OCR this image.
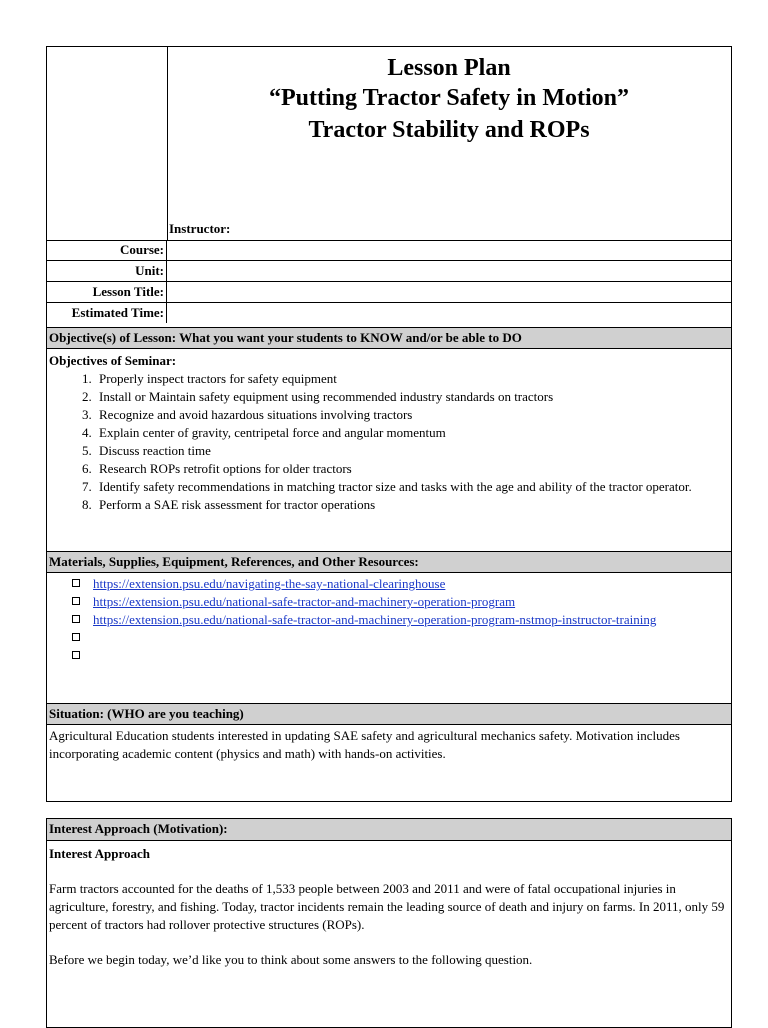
Lesson Plan
“Putting Tractor Safety in Motion”
Tractor Stability and ROPs
Instructor:
Course:
Unit:
Lesson Title:
Estimated Time:
Objective(s) of Lesson: What you want your students to KNOW and/or be able to DO
Objectives of Seminar:
1. Properly inspect tractors for safety equipment
2. Install or Maintain safety equipment using recommended industry standards on tractors
3. Recognize and avoid hazardous situations involving tractors
4. Explain center of gravity, centripetal force and angular momentum
5. Discuss reaction time
6. Research ROPs retrofit options for older tractors
7. Identify safety recommendations in matching tractor size and tasks with the age and ability of the tractor operator.
8. Perform a SAE risk assessment for tractor operations
Materials, Supplies, Equipment, References, and Other Resources:
https://extension.psu.edu/navigating-the-say-national-clearinghouse
https://extension.psu.edu/national-safe-tractor-and-machinery-operation-program
https://extension.psu.edu/national-safe-tractor-and-machinery-operation-program-nstmop-instructor-training
Situation: (WHO are you teaching)
Agricultural Education students interested in updating SAE safety and agricultural mechanics safety. Motivation includes incorporating academic content (physics and math) with hands-on activities.
Interest Approach (Motivation):
Interest Approach

Farm tractors accounted for the deaths of 1,533 people between 2003 and 2011 and were of fatal occupational injuries in agriculture, forestry, and fishing. Today, tractor incidents remain the leading source of death and injury on farms. In 2011, only 59 percent of tractors had rollover protective structures (ROPs).

Before we begin today, we’d like you to think about some answers to the following question.
